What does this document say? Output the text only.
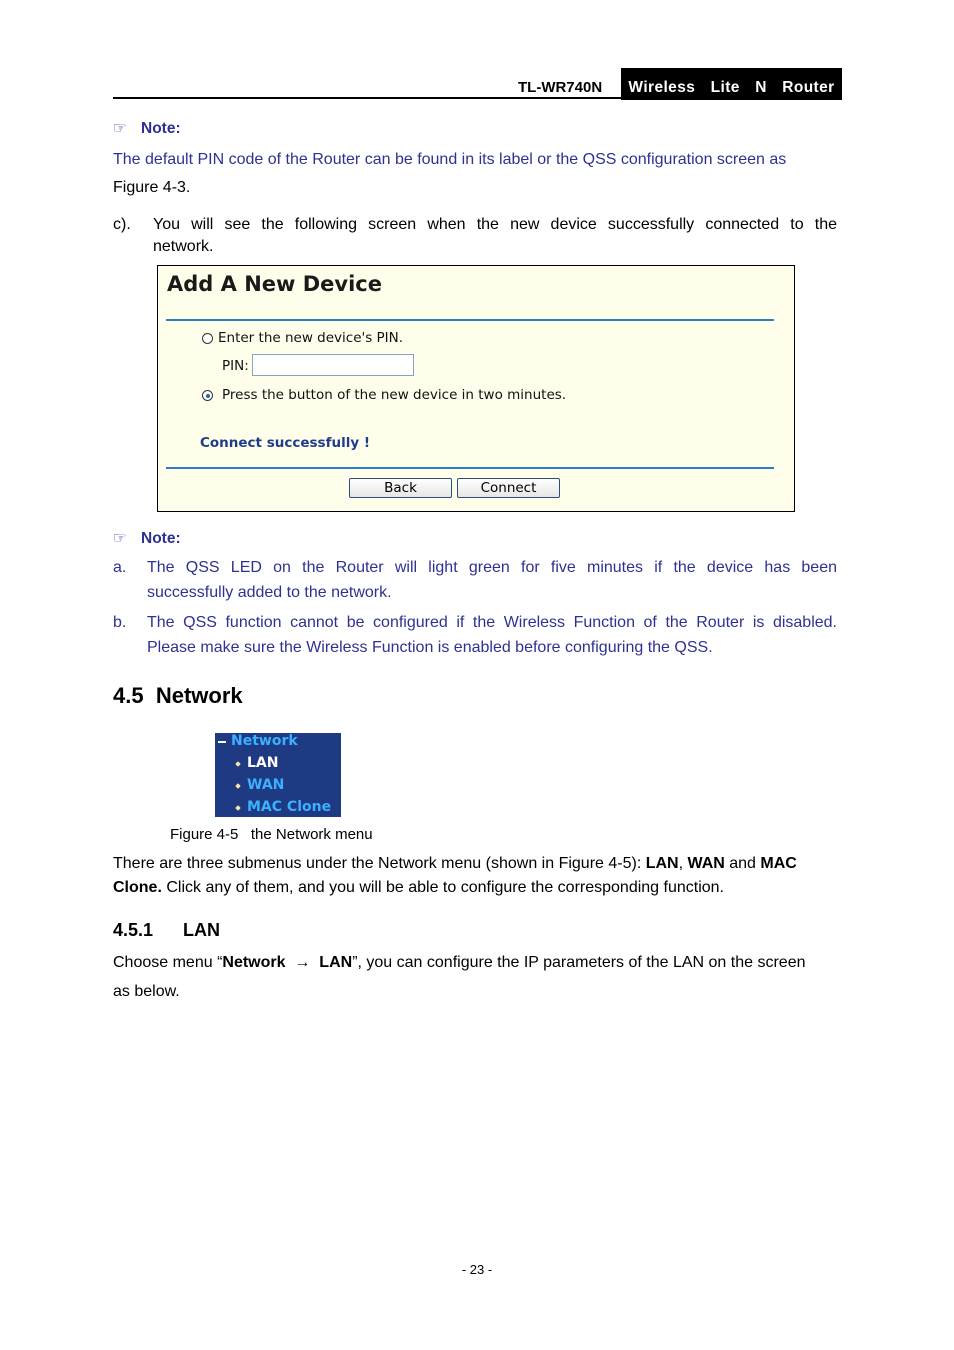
TL-WR740N	Wireless  Lite  N  Router
☞ Note:
The default PIN code of the Router can be found in its label or the QSS configuration screen as
Figure 4-3.
c). You will see the following screen when the new device successfully connected to the
network.
Add A New Device
Enter the new device's PIN.
PIN:
Press the button of the new device in two minutes.
Connect successfully !
Back	Connect
☞ Note:
a. The QSS LED on the Router will light green for five minutes if the device has been
successfully added to the network.
b. The QSS function cannot be configured if the Wireless Function of the Router is disabled.
Please make sure the Wireless Function is enabled before configuring the QSS.
4.5 Network
Network
LAN
WAN
MAC Clone
Figure 4-5 the Network menu
There are three submenus under the Network menu (shown in Figure 4-5): LAN, WAN and MAC
Clone. Click any of them, and you will be able to configure the corresponding function.
4.5.1 LAN
Choose menu “Network → LAN”, you can configure the IP parameters of the LAN on the screen
as below.
- 23 -
